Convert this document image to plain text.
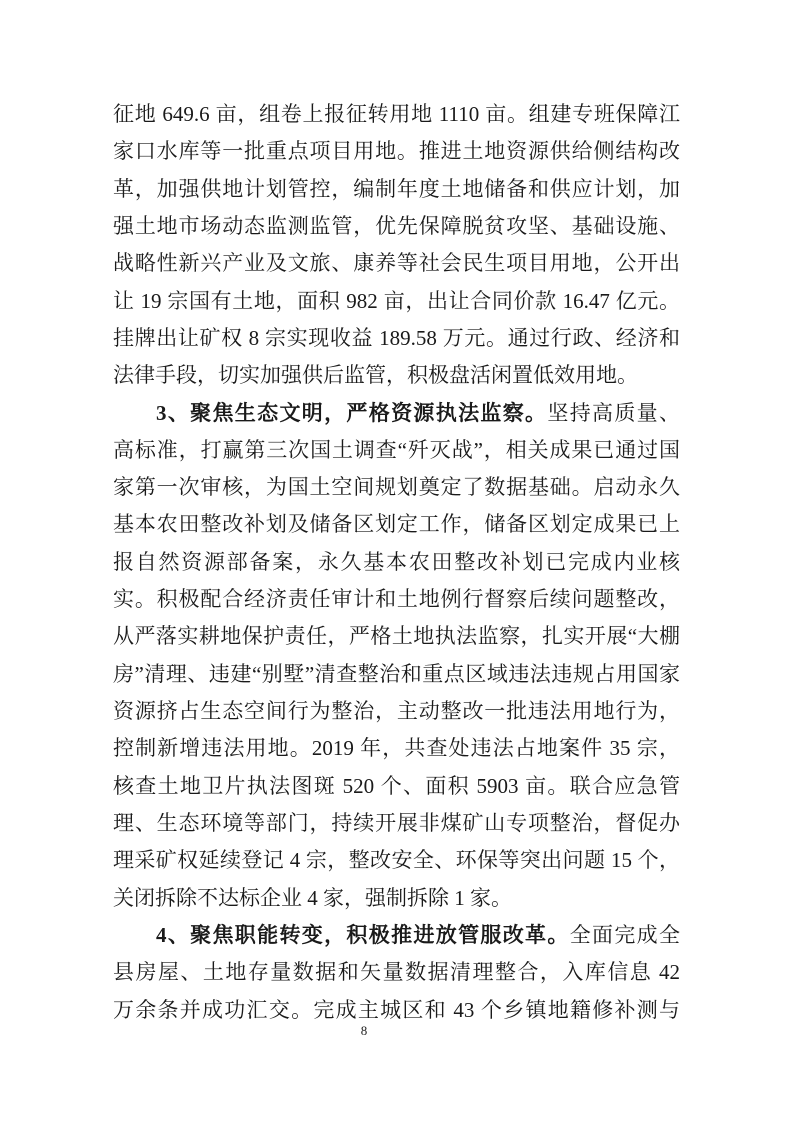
征地 649.6 亩，组卷上报征转用地 1110 亩。组建专班保障江
家口水库等一批重点项目用地。推进土地资源供给侧结构改
革，加强供地计划管控，编制年度土地储备和供应计划，加
强土地市场动态监测监管，优先保障脱贫攻坚、基础设施、
战略性新兴产业及文旅、康养等社会民生项目用地，公开出
让 19 宗国有土地，面积 982 亩，出让合同价款 16.47 亿元。
挂牌出让矿权 8 宗实现收益 189.58 万元。通过行政、经济和
法律手段，切实加强供后监管，积极盘活闲置低效用地。
3、聚焦生态文明，严格资源执法监察。坚持高质量、
高标准，打赢第三次国土调查“歼灭战”，相关成果已通过国
家第一次审核，为国土空间规划奠定了数据基础。启动永久
基本农田整改补划及储备区划定工作，储备区划定成果已上
报自然资源部备案，永久基本农田整改补划已完成内业核
实。积极配合经济责任审计和土地例行督察后续问题整改，
从严落实耕地保护责任，严格土地执法监察，扎实开展“大棚
房”清理、违建“别墅”清查整治和重点区域违法违规占用国家
资源挤占生态空间行为整治，主动整改一批违法用地行为，
控制新增违法用地。2019 年，共查处违法占地案件 35 宗，
核查土地卫片执法图斑 520 个、面积 5903 亩。联合应急管
理、生态环境等部门，持续开展非煤矿山专项整治，督促办
理采矿权延续登记 4 宗，整改安全、环保等突出问题 15 个，
关闭拆除不达标企业 4 家，强制拆除 1 家。
4、聚焦职能转变，积极推进放管服改革。全面完成全
县房屋、土地存量数据和矢量数据清理整合，入库信息 42
万余条并成功汇交。完成主城区和 43 个乡镇地籍修补测与
8
